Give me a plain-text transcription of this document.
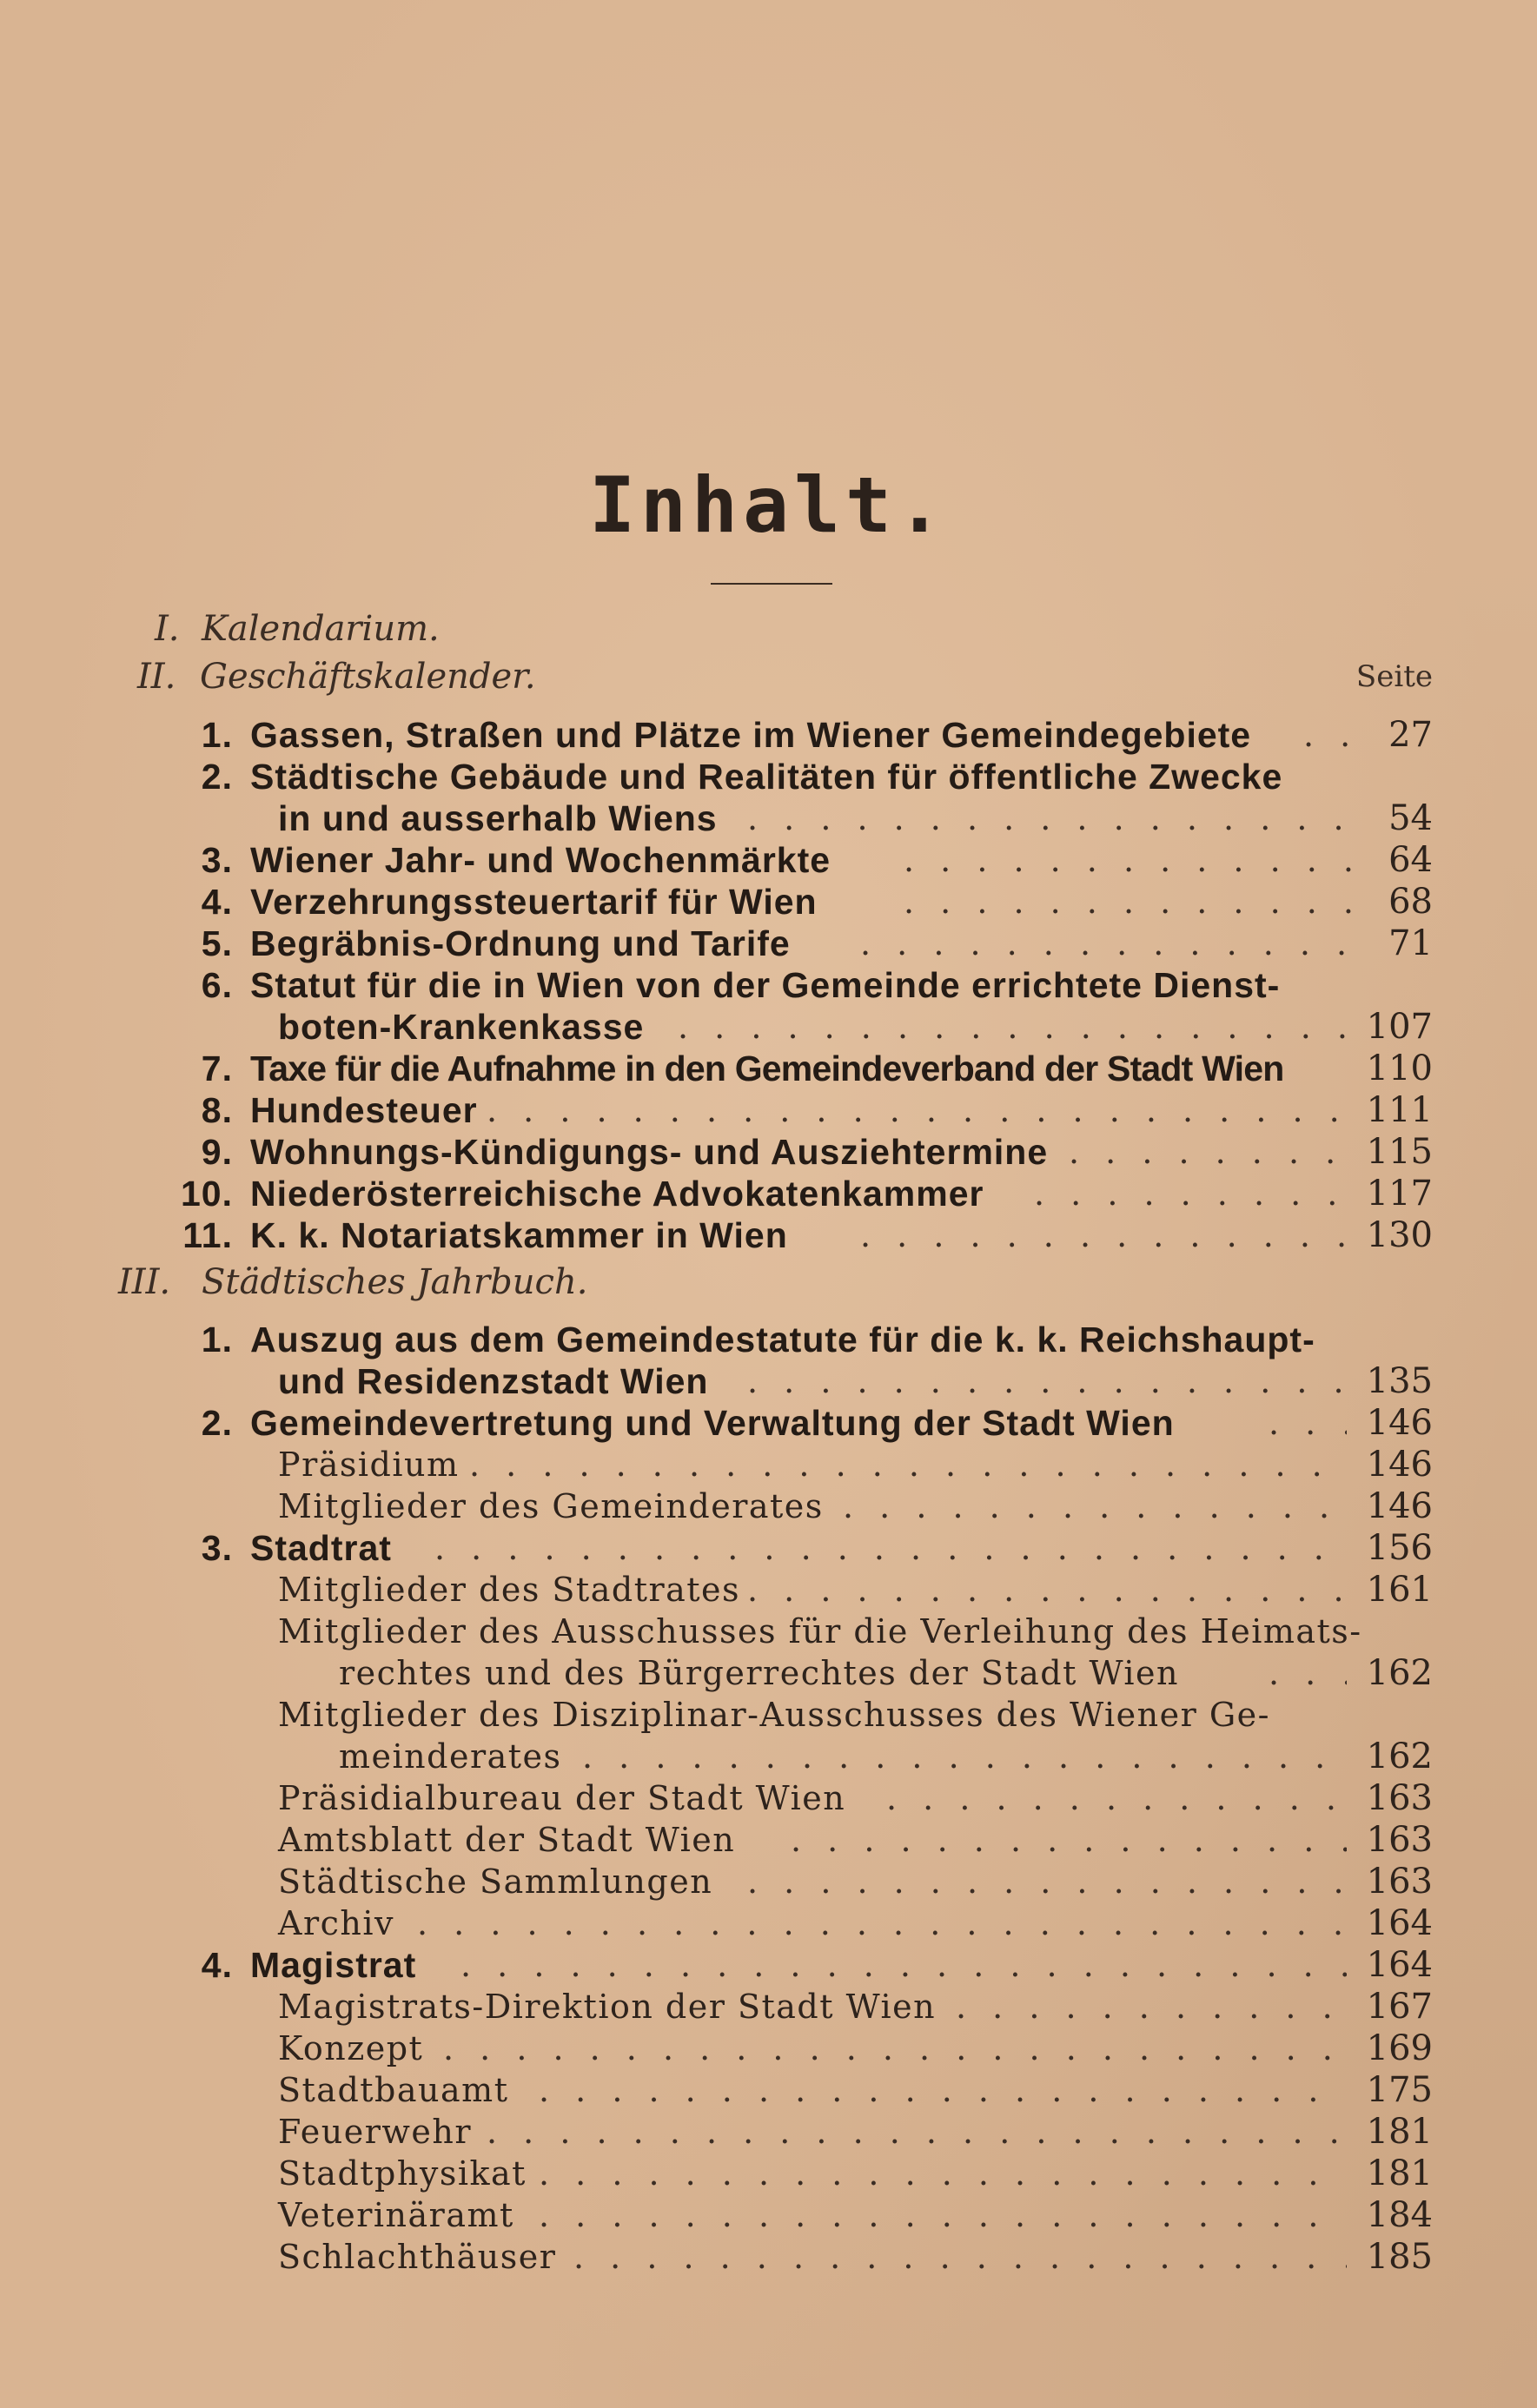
Inhalt.
I. Kalendarium.
II. Geschäftskalender.	Seite
1. Gassen, Straßen und Plätze im Wiener Gemeindegebiete . . .	27
2. Städtische Gebäude und Realitäten für öffentliche Zwecke
in und ausserhalb Wiens . . .	54
3. Wiener Jahr- und Wochenmärkte . . .	64
4. Verzehrungssteuertarif für Wien . . .	68
5. Begräbnis-Ordnung und Tarife . . .	71
6. Statut für die in Wien von der Gemeinde errichtete Dienst-
boten-Krankenkasse . . .	107
7. Taxe für die Aufnahme in den Gemeindeverband der Stadt Wien 110
8. Hundesteuer . . .	111
9. Wohnungs-Kündigungs- und Ausziehtermine . . .	115
10. Niederösterreichische Advokatenkammer . . .	117
11. K. k. Notariatskammer in Wien . . .	130
III. Städtisches Jahrbuch.
1. Auszug aus dem Gemeindestatute für die k. k. Reichshaupt-
und Residenzstadt Wien . . .	135
2. Gemeindevertretung und Verwaltung der Stadt Wien . . .	146
Präsidium . . .	146
Mitglieder des Gemeinderates . . .	146
3. Stadtrat . . .	156
Mitglieder des Stadtrates . . .	161
Mitglieder des Ausschusses für die Verleihung des Heimats-
rechtes und des Bürgerrechtes der Stadt Wien . . .	162
Mitglieder des Disziplinar-Ausschusses des Wiener Ge-
meinderates . . .	162
Präsidialbureau der Stadt Wien . . .	163
Amtsblatt der Stadt Wien . . .	163
Städtische Sammlungen . . .	163
Archiv . . .	164
4. Magistrat . . .	164
Magistrats-Direktion der Stadt Wien . . .	167
Konzept . . .	169
Stadtbauamt . . .	175
Feuerwehr . . .	181
Stadtphysikat . . .	181
Veterinäramt . . .	184
Schlachthäuser . . .	185
